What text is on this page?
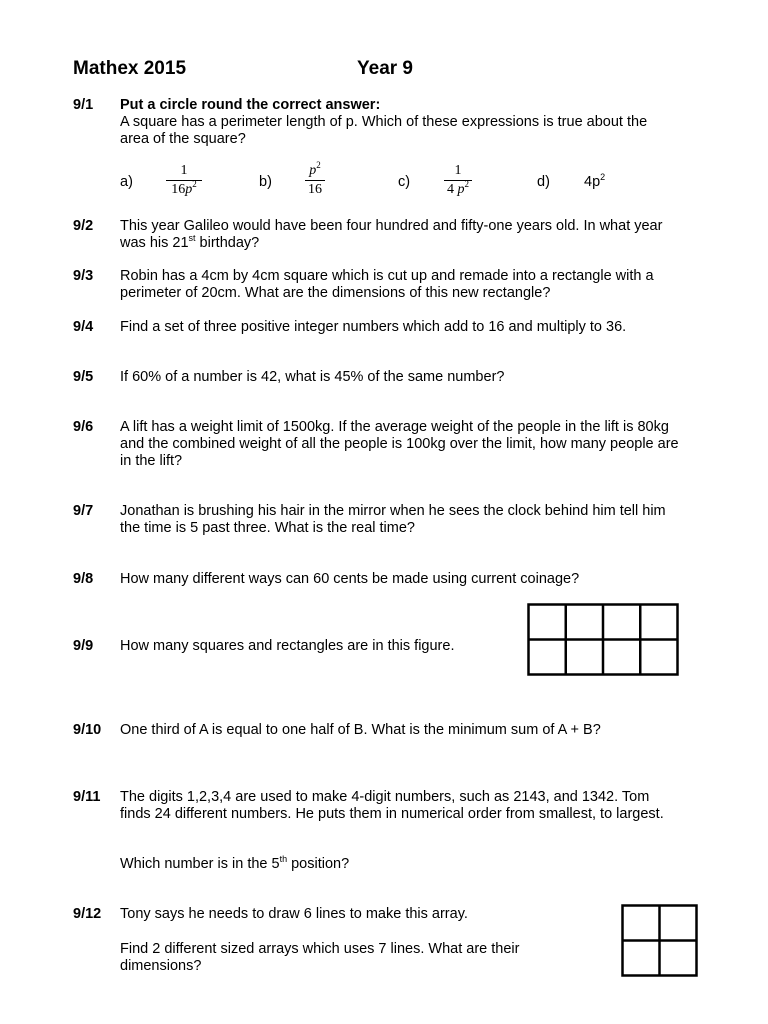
Mathex 2015	Year 9
9/1 Put a circle round the correct answer:
A square has a perimeter length of p. Which of these expressions is true about the area of the square?
a)
1
$16p^2$	b)
$p^2$
16	c)
1
4 $p^2$	d) $4p^2$
9/2 This year Galileo would have been four hundred and fifty-one years old. In what year was his 21st birthday?
9/3 Robin has a 4cm by 4cm square which is cut up and remade into a rectangle with a perimeter of 20cm. What are the dimensions of this new rectangle?
9/4 Find a set of three positive integer numbers which add to 16 and multiply to 36.
9/5 If 60% of a number is 42, what is 45% of the same number?
9/6 A lift has a weight limit of 1500kg. If the average weight of the people in the lift is 80kg and the combined weight of all the people is 100kg over the limit, how many people are in the lift?
9/7 Jonathan is brushing his hair in the mirror when he sees the clock behind him tell him the time is 5 past three. What is the real time?
9/8 How many different ways can 60 cents be made using current coinage?
9/9 How many squares and rectangles are in this figure.
9/10 One third of A is equal to one half of B. What is the minimum sum of A + B?
9/11 The digits 1,2,3,4 are used to make 4-digit numbers, such as 2143, and 1342. Tom finds 24 different numbers. He puts them in numerical order from smallest, to largest.
Which number is in the 5th position?
9/12 Tony says he needs to draw 6 lines to make this array.
Find 2 different sized arrays which uses 7 lines. What are their dimensions?
